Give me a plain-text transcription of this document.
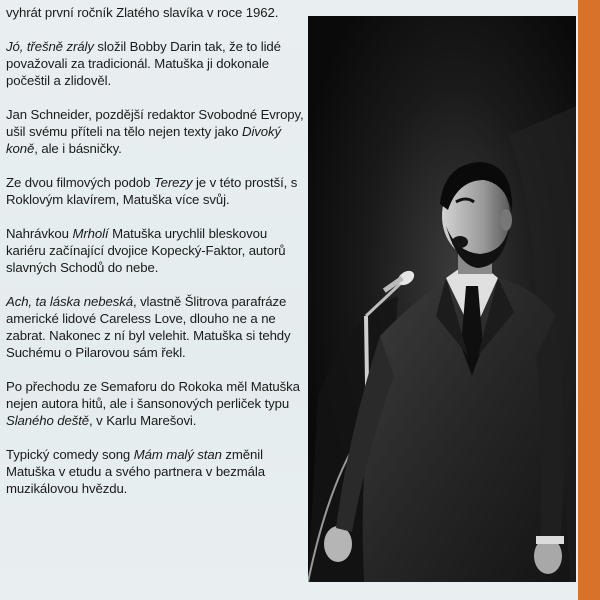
vyhrát první ročník Zlatého slavíka v roce 1962.

Jó, třešně zrály složil Bobby Darin tak, že to lidé považovali za tradicionál. Matuška ji dokonale počeštil a zlidověl.

Jan Schneider, pozdější redaktor Svobodné Evropy, ušil svému příteli na tělo nejen texty jako Divoký koně, ale i básničky.

Ze dvou filmových podob Terezy je v této prostší, s Roklovým klavírem, Matuška více svůj.

Nahrávkou Mrholí Matuška urychlil bleskovou kariéru začínající dvojice Kopecký-Faktor, autorů slavných Schodů do nebe.

Ach, ta láska nebeská, vlastně Šlitrova parafráze americké lidové Careless Love, dlouho ne a ne zabrat. Nakonec z ní byl velehit. Matuška si tehdy Suchému o Pilarovou sám řekl.

Po přechodu ze Semaforu do Rokoka měl Matuška nejen autora hitů, ale i šansonových perliček typu Slaného deště, v Karlu Marešovi.

Typický comedy song Mám malý stan změnil Matuška v etudu a svého partnera v bezmála muzikálovou hvězdu.
